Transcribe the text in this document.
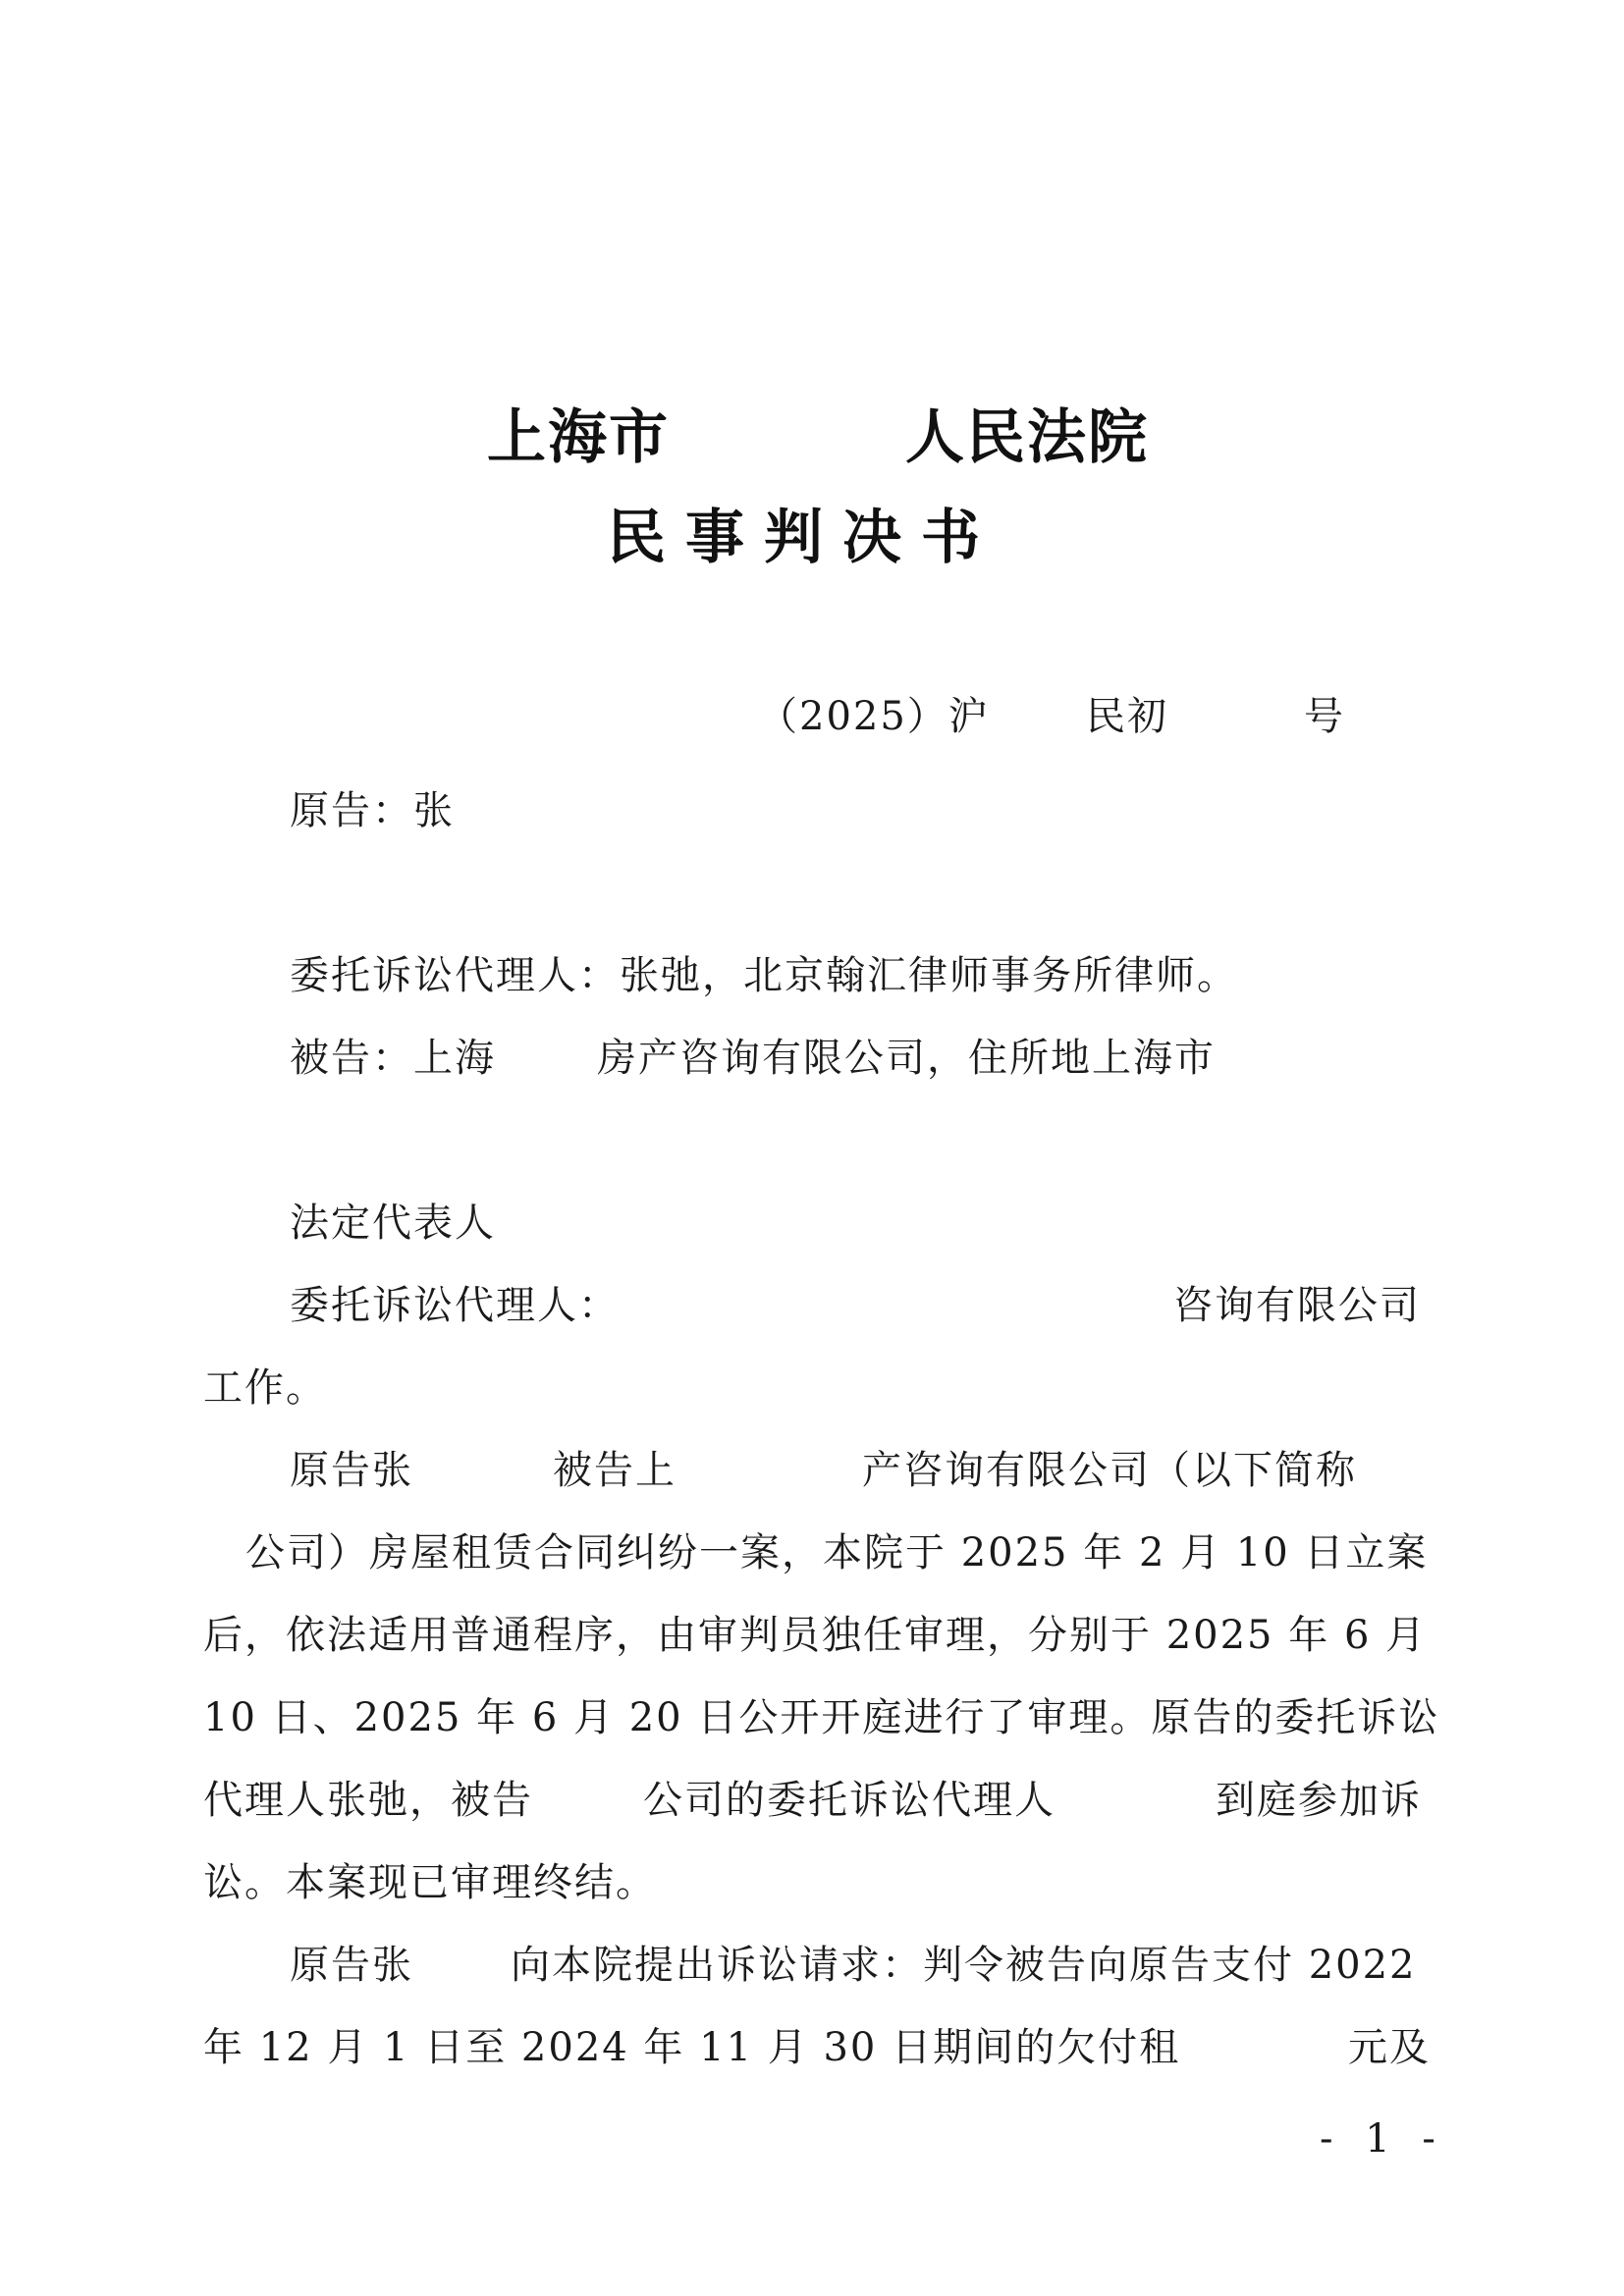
上海市	人民法院
民事判决书
（2025）沪 民初	号
原告：张
委托诉讼代理人：张弛，北京翰汇律师事务所律师。
被告：上海	房产咨询有限公司，住所地上海市
法定代表人
委托诉讼代理人：	咨询有限公司
工作。
原告张	被告上	产咨询有限公司（以下简称
公司）房屋租赁合同纠纷一案，本院于 2025 年 2 月 10 日立案
后，依法适用普通程序，由审判员独任审理，分别于 2025 年 6 月
10 日、2025 年 6 月 20 日公开开庭进行了审理。原告的委托诉讼
代理人张弛，被告	公司的委托诉讼代理人	到庭参加诉
讼。本案现已审理终结。
原告张 向本院提出诉讼请求：判令被告向原告支付 2022
年 12 月 1 日至 2024 年 11 月 30 日期间的欠付租	元及
- 1 -
